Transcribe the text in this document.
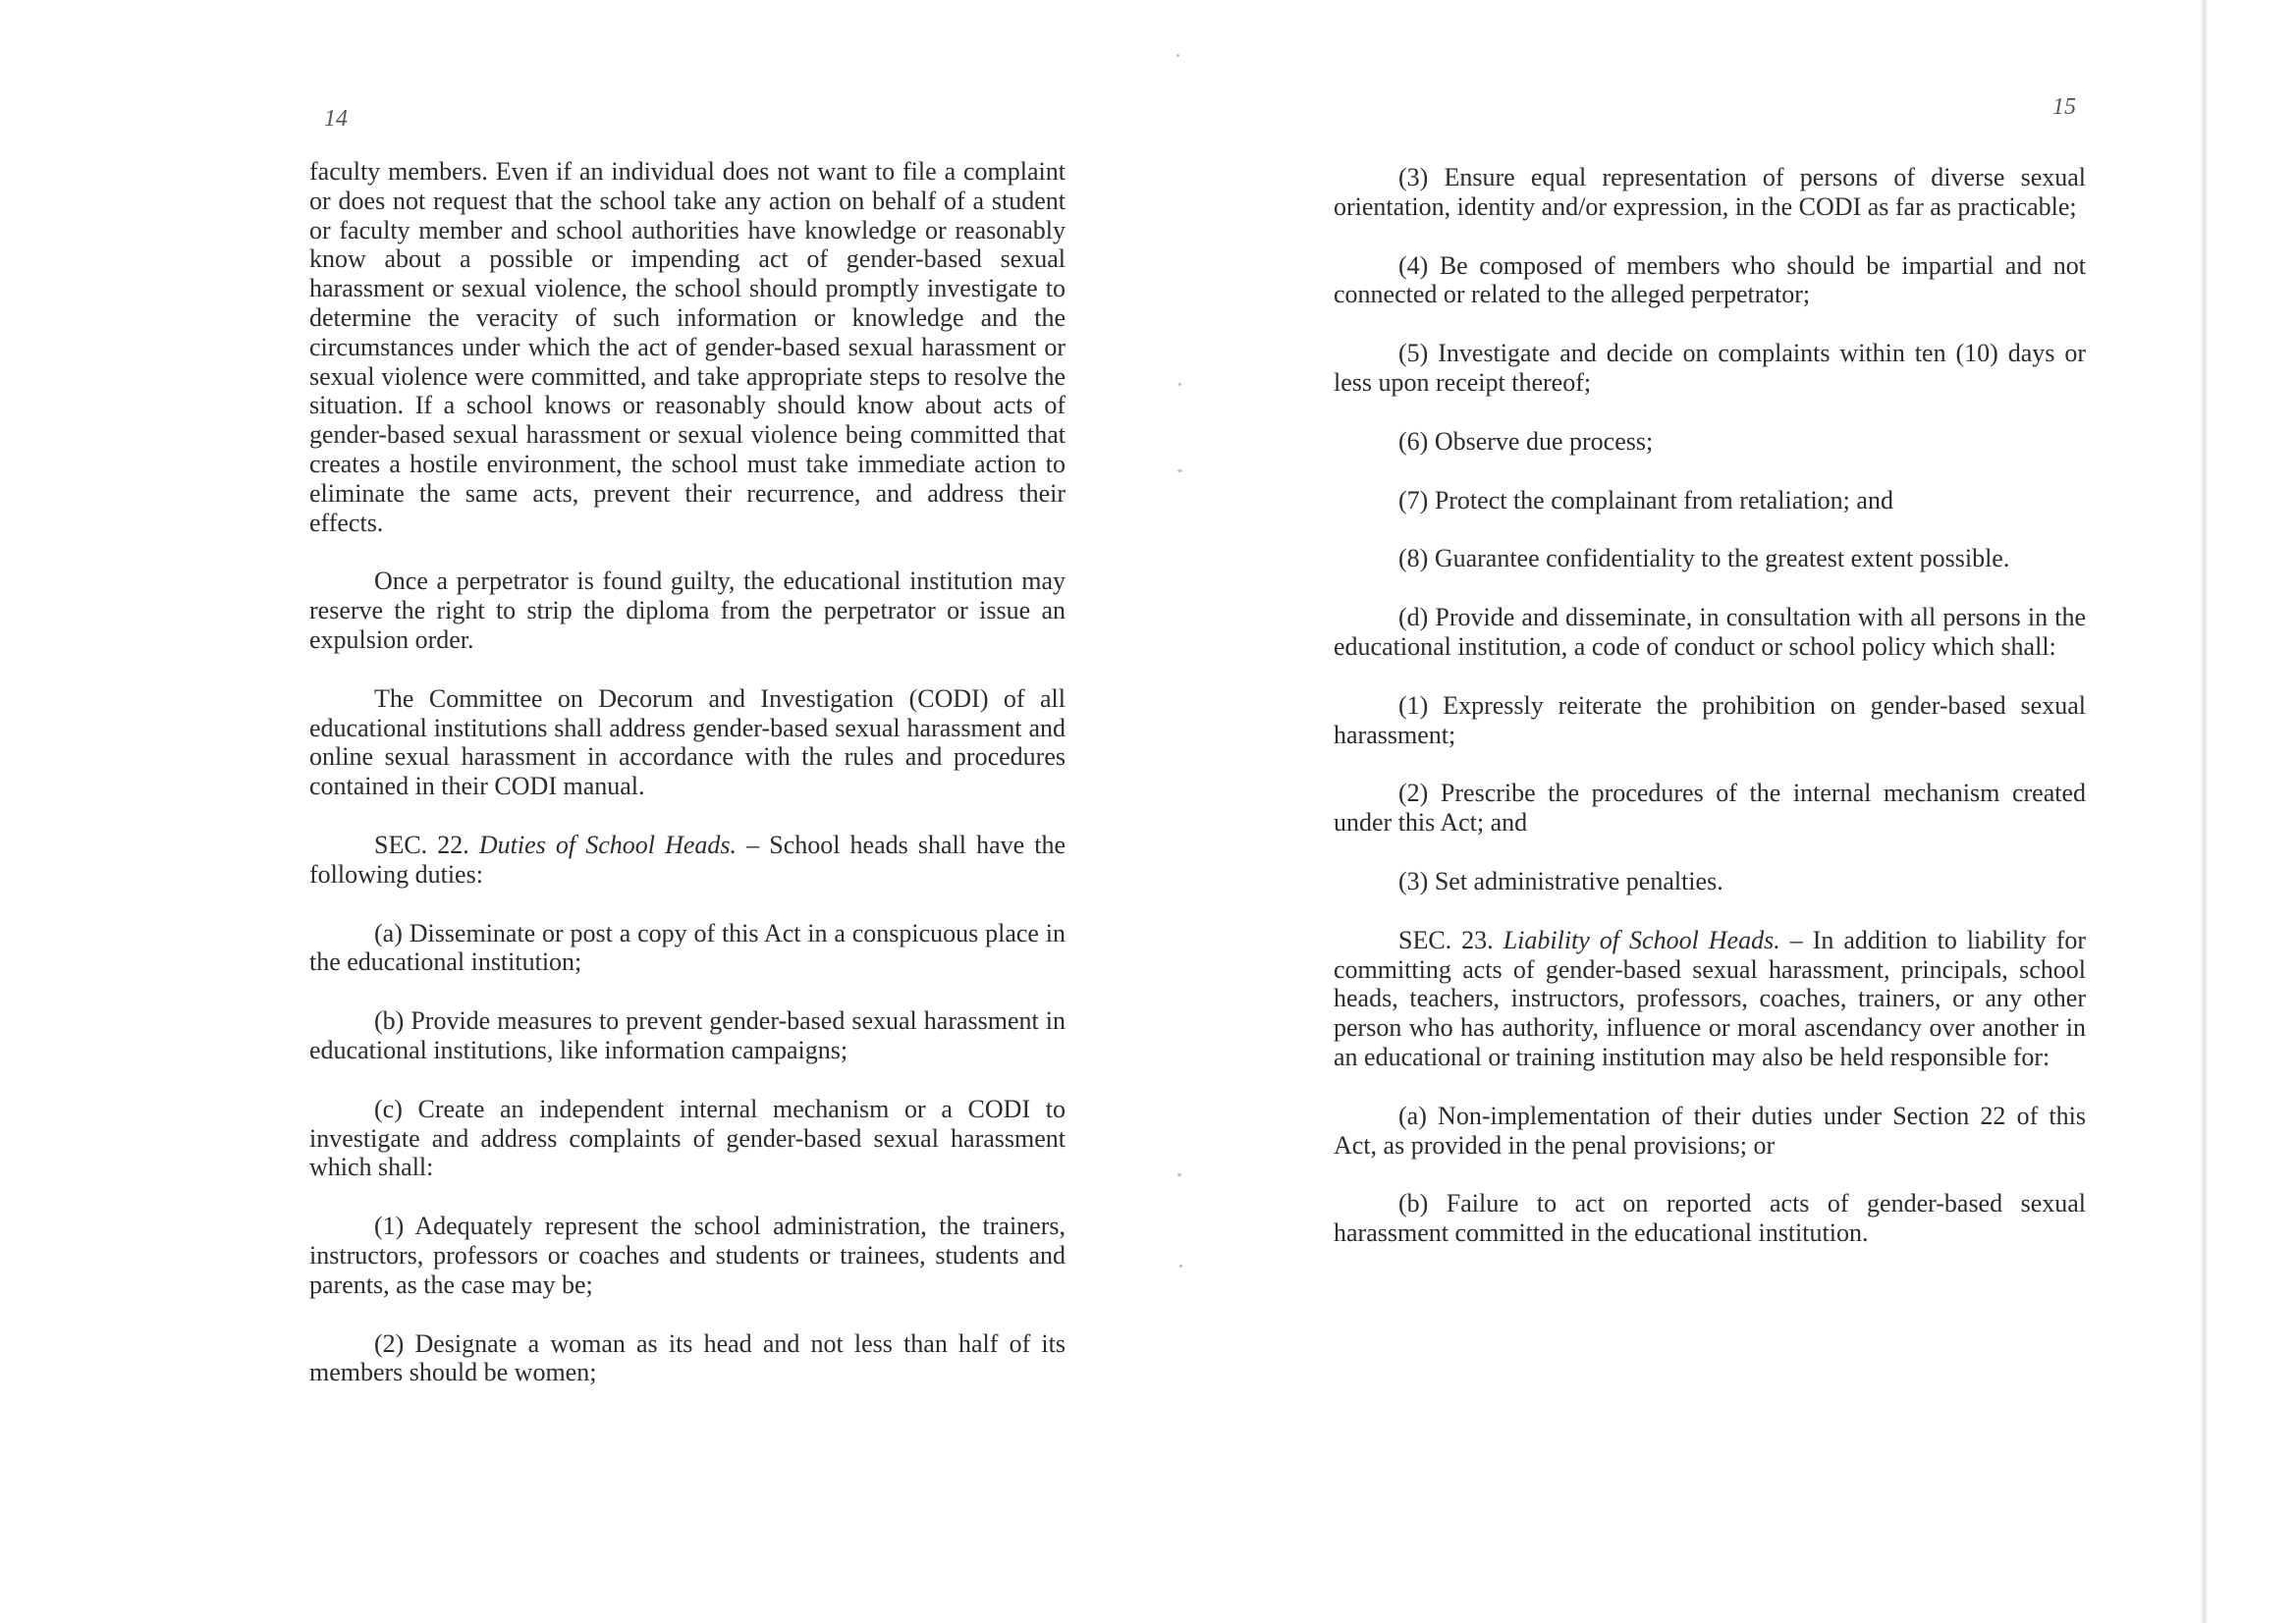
14

faculty members. Even if an individual does not want to file a complaint or does not request that the school take any action on behalf of a student or faculty member and school authorities have knowledge or reasonably know about a possible or impending act of gender-based sexual harassment or sexual violence, the school should promptly investigate to determine the veracity of such information or knowledge and the circumstances under which the act of gender-based sexual harassment or sexual violence were committed, and take appropriate steps to resolve the situation. If a school knows or reasonably should know about acts of gender-based sexual harassment or sexual violence being committed that creates a hostile environment, the school must take immediate action to eliminate the same acts, prevent their recurrence, and address their effects.

Once a perpetrator is found guilty, the educational institution may reserve the right to strip the diploma from the perpetrator or issue an expulsion order.

The Committee on Decorum and Investigation (CODI) of all educational institutions shall address gender-based sexual harassment and online sexual harassment in accordance with the rules and procedures contained in their CODI manual.

SEC. 22. Duties of School Heads. – School heads shall have the following duties:

(a) Disseminate or post a copy of this Act in a conspicuous place in the educational institution;

(b) Provide measures to prevent gender-based sexual harassment in educational institutions, like information campaigns;

(c) Create an independent internal mechanism or a CODI to investigate and address complaints of gender-based sexual harassment which shall:

(1) Adequately represent the school administration, the trainers, instructors, professors or coaches and students or trainees, students and parents, as the case may be;

(2) Designate a woman as its head and not less than half of its members should be women;

15

(3) Ensure equal representation of persons of diverse sexual orientation, identity and/or expression, in the CODI as far as practicable;

(4) Be composed of members who should be impartial and not connected or related to the alleged perpetrator;

(5) Investigate and decide on complaints within ten (10) days or less upon receipt thereof;

(6) Observe due process;

(7) Protect the complainant from retaliation; and

(8) Guarantee confidentiality to the greatest extent possible.

(d) Provide and disseminate, in consultation with all persons in the educational institution, a code of conduct or school policy which shall:

(1) Expressly reiterate the prohibition on gender-based sexual harassment;

(2) Prescribe the procedures of the internal mechanism created under this Act; and

(3) Set administrative penalties.

SEC. 23. Liability of School Heads. – In addition to liability for committing acts of gender-based sexual harassment, principals, school heads, teachers, instructors, professors, coaches, trainers, or any other person who has authority, influence or moral ascendancy over another in an educational or training institution may also be held responsible for:

(a) Non-implementation of their duties under Section 22 of this Act, as provided in the penal provisions; or

(b) Failure to act on reported acts of gender-based sexual harassment committed in the educational institution.
